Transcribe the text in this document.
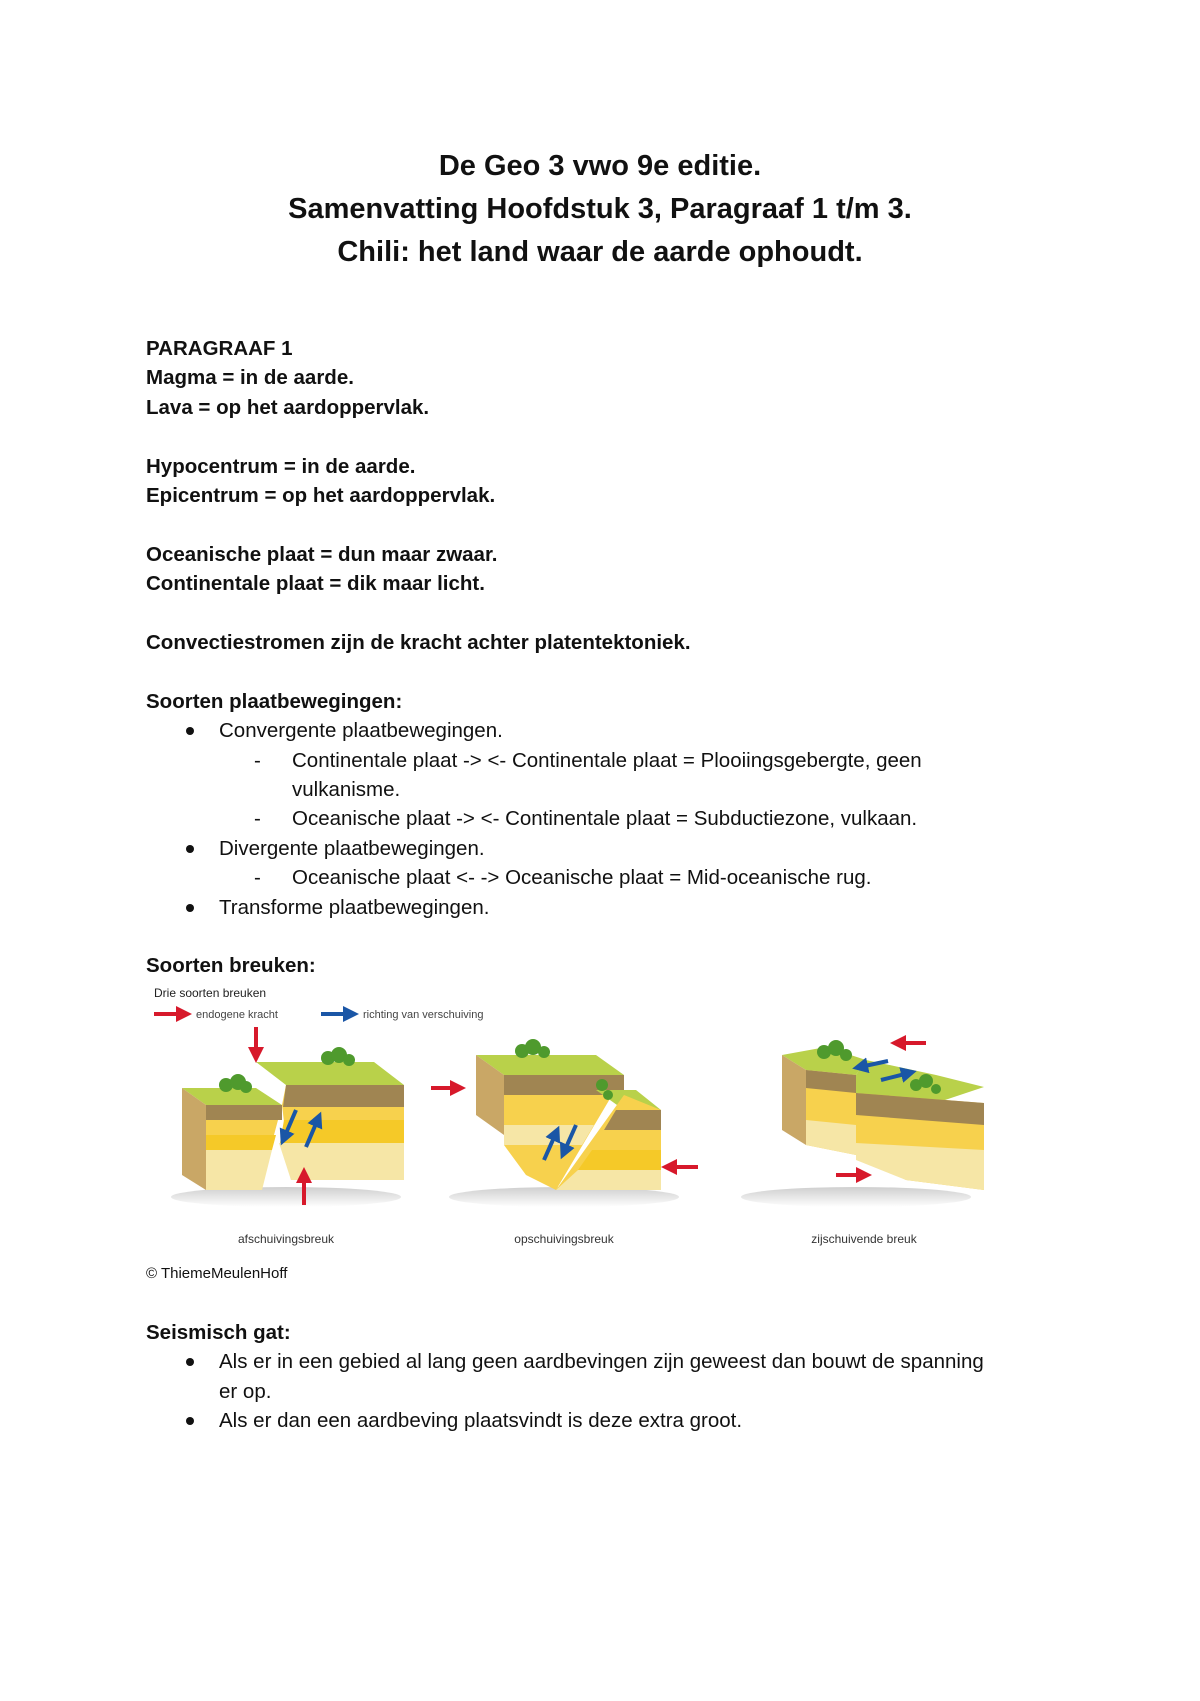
De Geo 3 vwo 9e editie.

Samenvatting Hoofdstuk 3, Paragraaf 1 t/m 3.

Chili: het land waar de aarde ophoudt.

PARAGRAAF 1

Magma = in de aarde.

Lava = op het aardoppervlak.

Hypocentrum = in de aarde.

Epicentrum = op het aardoppervlak.

Oceanische plaat = dun maar zwaar.

Continentale plaat = dik maar licht.

Convectiestromen zijn de kracht achter platentektoniek.

Soorten plaatbewegingen:

Convergente plaatbewegingen.
- Continentale plaat -> <- Continentale plaat = Plooiingsgebergte, geen
vulkanisme.
- Oceanische plaat -> <- Continentale plaat = Subductiezone, vulkaan.
Divergente plaatbewegingen.
- Oceanische plaat <- -> Oceanische plaat = Mid-oceanische rug.
Transforme plaatbewegingen.

Soorten breuken:

Drie soorten breuken
endogene kracht	richting van verschuiving
afschuivingsbreuk	opschuivingsbreuk	zijschuivende breuk
© ThiemeMeulenHoff

Seismisch gat:

Als er in een gebied al lang geen aardbevingen zijn geweest dan bouwt de spanning
er op.
Als er dan een aardbeving plaatsvindt is deze extra groot.
